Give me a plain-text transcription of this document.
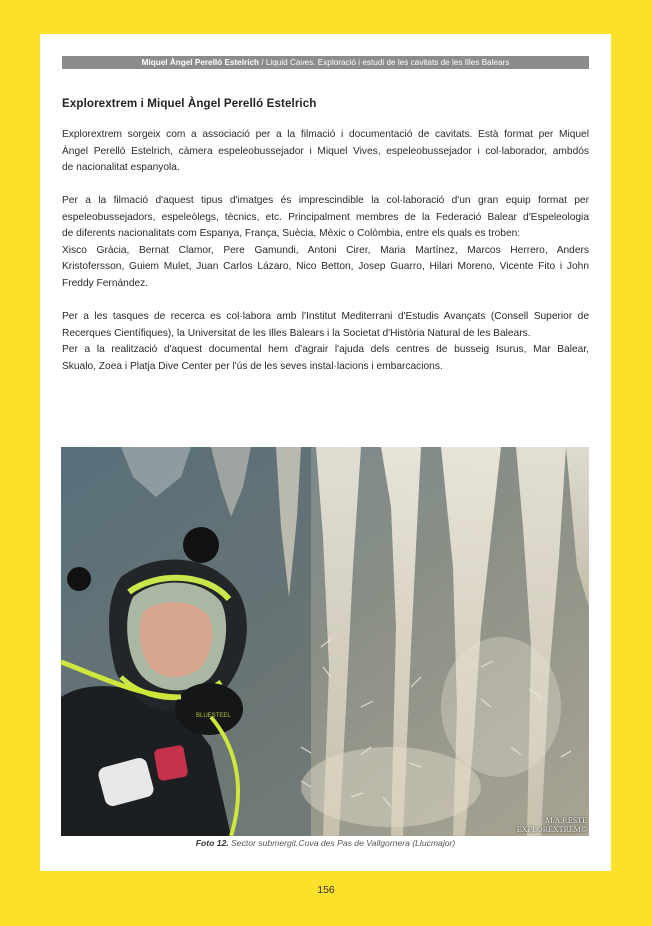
Miquel Àngel Perelló Estelrich / Liquid Caves. Exploració i estudi de les cavitats de les Illes Balears
Explorextrem i Miquel Àngel Perelló Estelrich
Explorextrem sorgeix com a associació per a la filmació i documentació de cavitats. Està format per Miquel
Àngel Perelló Estelrich, càmera espeleobussejador i Miquel Vives, espeleobussejador i col·laborador, ambdós
de nacionalitat espanyola.
Per a la filmació d'aquest tipus d'imatges és imprescindible la col·laboració d'un gran equip format per
espeleobussejadors, espeleòlegs, tècnics, etc. Principalment membres de la Federació Balear d'Espeleologia
de diferents nacionalitats com Espanya, França, Suècia, Mèxic o Colòmbia, entre els quals es troben:
Xisco Gràcia, Bernat Clamor, Pere Gamundi, Antoni Cirer, Maria Martínez, Marcos Herrero, Anders
Kristofersson, Guiem Mulet, Juan Carlos Lázaro, Nico Betton, Josep Guarro, Hilari Moreno, Vicente Fito i John
Freddy Fernández.
Per a les tasques de recerca es col·labora amb l'Institut Mediterrani d'Estudis Avançats (Consell Superior de
Recerques Científiques), la Universitat de les Illes Balears i la Societat d'Història Natural de les Balears.
Per a la realització d'aquest documental hem d'agrair l'ajuda dels centres de busseig Isurus, Mar Balear,
Skualo, Zoea i Platja Dive Center per l'ús de les seves instal·lacions i embarcacions.
BLUESTEEL
M.A.P.ESTE
EXPLOREXTREM©
Foto 12. Sector submergit.Cova des Pas de Vallgornera (Llucmajor)
156
